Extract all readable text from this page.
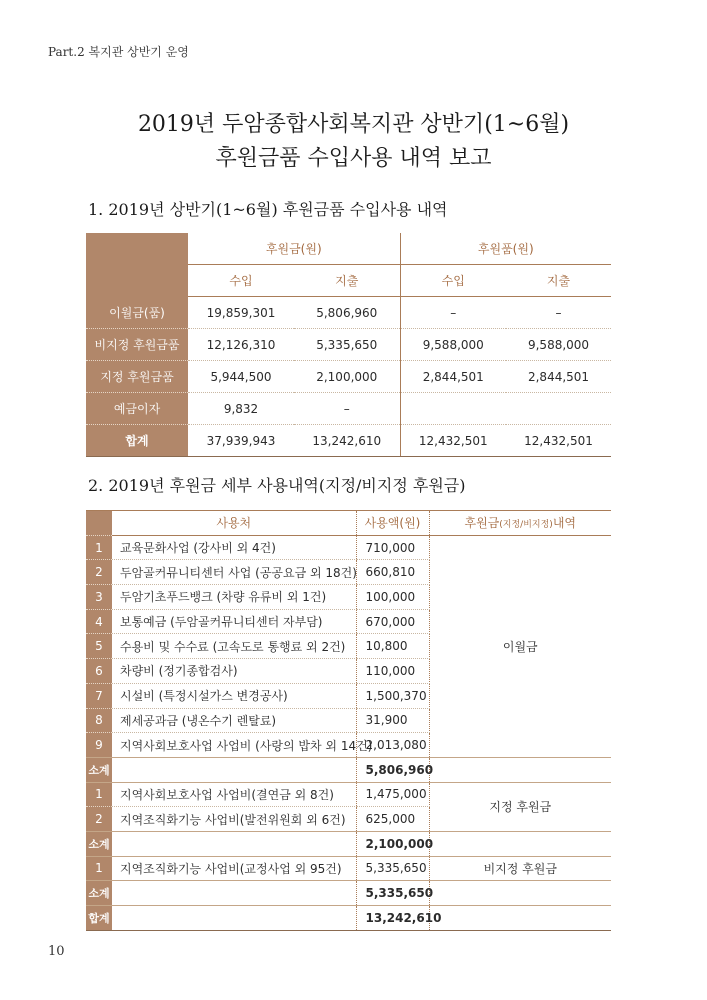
Part.2 복지관 상반기 운영
2019년 두암종합사회복지관 상반기(1~6월)
후원금품 수입사용 내역 보고
1. 2019년 상반기(1~6월) 후원금품 수입사용 내역
	후원금(원)		후원품(원)	
	수입	지출	수입	지출
이월금(품)	19,859,301	5,806,960	–	–
비지정 후원금품	12,126,310	5,335,650	9,588,000	9,588,000
지정 후원금품	5,944,500	2,100,000	2,844,501	2,844,501
예금이자	9,832	–		
합계	37,939,943	13,242,610	12,432,501	12,432,501
2. 2019년 후원금 세부 사용내역(지정/비지정 후원금)
	사용처	사용액(원)	후원금(지정/비지정)내역
1	교육문화사업 (강사비 외 4건)	710,000	이월금
2	두암골커뮤니티센터 사업 (공공요금 외 18건)	660,810	
3	두암기초푸드뱅크 (차량 유류비 외 1건)	100,000	
4	보통예금 (두암골커뮤니티센터 자부담)	670,000	
5	수용비 및 수수료 (고속도로 통행료 외 2건)	10,800	
6	차량비 (정기종합검사)	110,000	
7	시설비 (특정시설가스 변경공사)	1,500,370	
8	제세공과금 (냉온수기 렌탈료)	31,900	
9	지역사회보호사업 사업비 (사랑의 밥차 외 14건)	2,013,080	
소계		5,806,960	
1	지역사회보호사업 사업비(결연금 외 8건)	1,475,000	지정 후원금
2	지역조직화기능 사업비(발전위원회 외 6건)	625,000	
소계		2,100,000	
1	지역조직화기능 사업비(교정사업 외 95건)	5,335,650	비지정 후원금
소계		5,335,650	
합계		13,242,610	
10
